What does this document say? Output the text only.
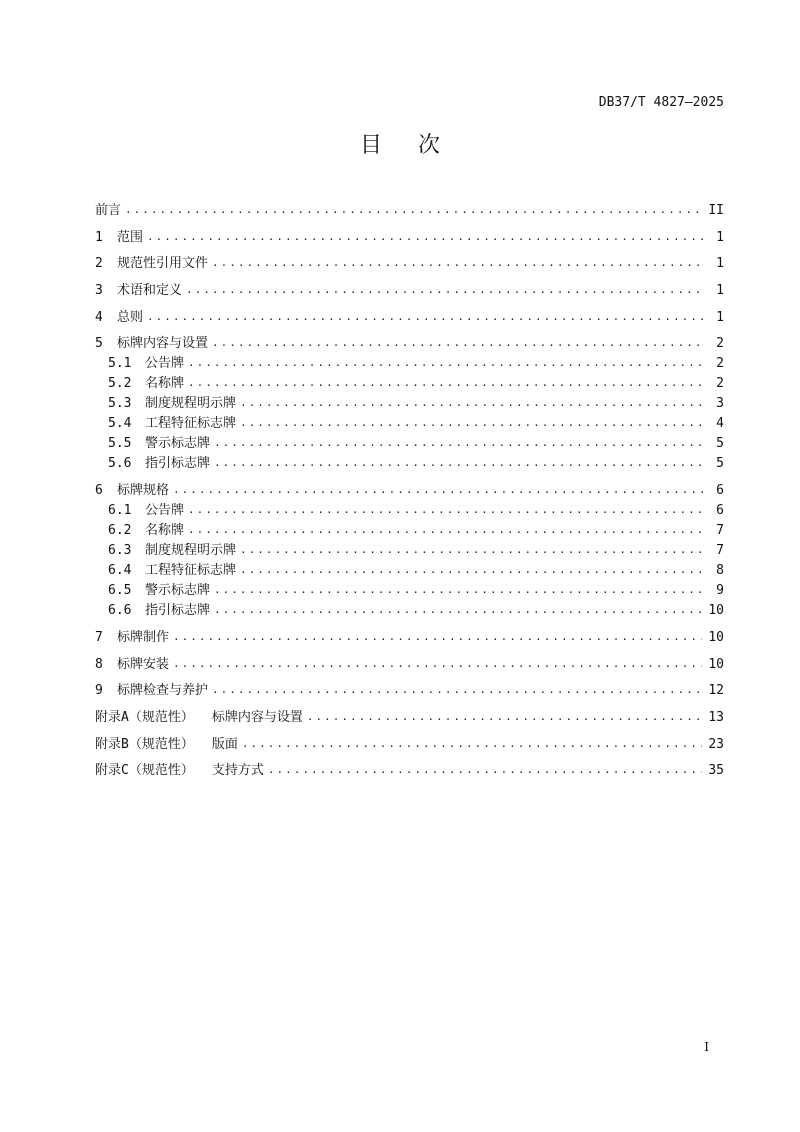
DB37/T 4827—2025
目次
前言 .....	II
1 范围 .....	1
2 规范性引用文件 .....	1
3 术语和定义 .....	1
4 总则 .....	1
5 标牌内容与设置 .....	2
5.1 公告牌 .....	2
5.2 名称牌 .....	2
5.3 制度规程明示牌 .....	3
5.4 工程特征标志牌 .....	4
5.5 警示标志牌 .....	5
5.6 指引标志牌 .....	5
6 标牌规格 .....	6
6.1 公告牌 .....	6
6.2 名称牌 .....	7
6.3 制度规程明示牌 .....	7
6.4 工程特征标志牌 .....	8
6.5 警示标志牌 .....	9
6.6 指引标志牌 .....	10
7 标牌制作 .....	10
8 标牌安装 .....	10
9 标牌检查与养护 .....	12
附录A（规范性） 标牌内容与设置 .....	13
附录B（规范性） 版面 .....	23
附录C（规范性） 支持方式 .....	35
I
